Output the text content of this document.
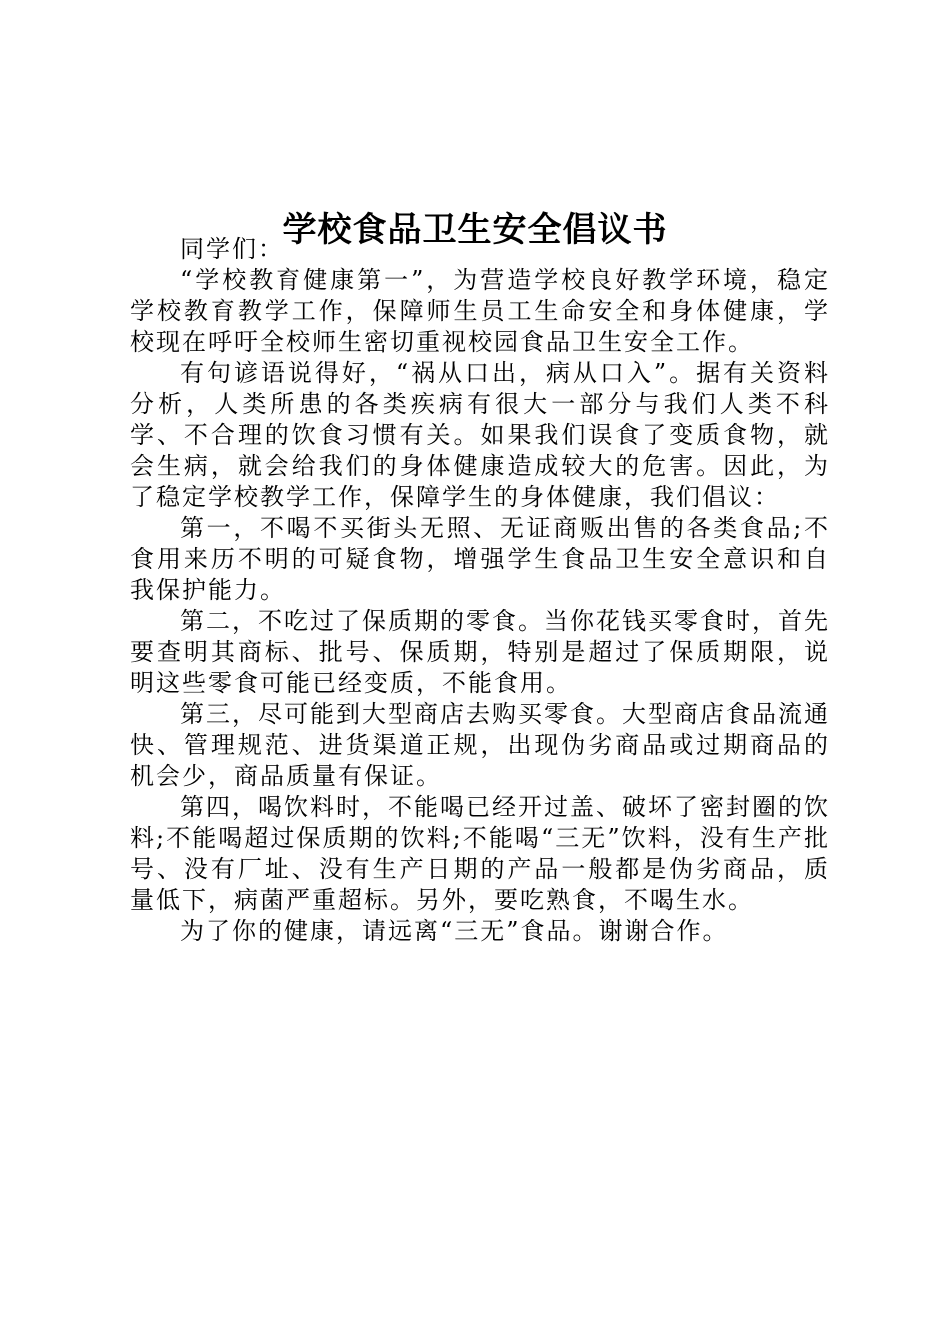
学校食品卫生安全倡议书

同学们：

“学校教育健康第一”，为营造学校良好教学环境，稳定学校教育教学工作，保障师生员工生命安全和身体健康，学校现在呼吁全校师生密切重视校园食品卫生安全工作。

有句谚语说得好，“祸从口出，病从口入”。据有关资料分析，人类所患的各类疾病有很大一部分与我们人类不科学、不合理的饮食习惯有关。如果我们误食了变质食物，就会生病，就会给我们的身体健康造成较大的危害。因此，为了稳定学校教学工作，保障学生的身体健康，我们倡议：

第一，不喝不买街头无照、无证商贩出售的各类食品;不食用来历不明的可疑食物，增强学生食品卫生安全意识和自我保护能力。

第二，不吃过了保质期的零食。当你花钱买零食时，首先要查明其商标、批号、保质期，特别是超过了保质期限，说明这些零食可能已经变质，不能食用。

第三，尽可能到大型商店去购买零食。大型商店食品流通快、管理规范、进货渠道正规，出现伪劣商品或过期商品的机会少，商品质量有保证。

第四，喝饮料时，不能喝已经开过盖、破坏了密封圈的饮料;不能喝超过保质期的饮料;不能喝“三无”饮料，没有生产批号、没有厂址、没有生产日期的产品一般都是伪劣商品，质量低下，病菌严重超标。另外，要吃熟食，不喝生水。

为了你的健康，请远离“三无”食品。谢谢合作。
